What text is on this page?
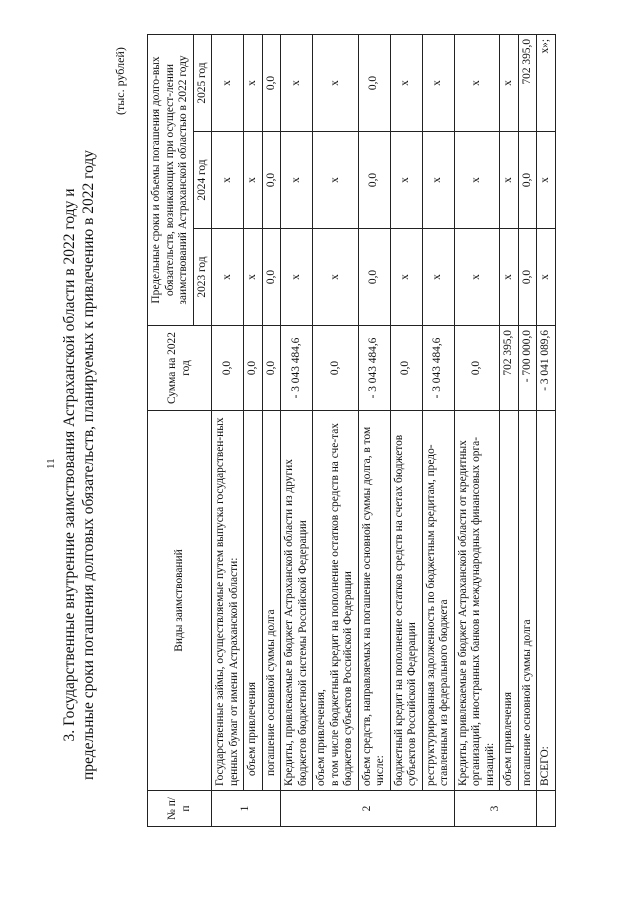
11 3. Государственные внутренние заимствования Астраханской области в 2022 году и предельные сроки погашения долговых обязательств, планируемых к привлечению в 2022 году
(тыс. рублей)
№ п/п	Виды заимствований	Сумма на 2022 год	Предельные сроки и объемы погашения долго-вых обязательств, возникающих при осущест-лении заимствований Астраханской областью в 2022 году		

			2023 год	2024 год	2025 год
1	Государственные займы, осуществляемые путем выпуска государствен-ных ценных бумаг от имени Астраханской области:	0,0	x	x	x
	объем привлечения	0,0	x	x	x
	погашение основной суммы долга	0,0	0,0	0,0	0,0
2	Кредиты, привлекаемые в бюджет Астраханской области из других бюджетов бюджетной системы Российской Федерации	- 3 043 484,6	x	x	x

	объем привлечения, в том числе бюджетный кредит на пополнение остатков средств на сче-тах бюджетов субъектов Российской Федерации	0,0	x	x	x
	объем средств, направляемых на погашение основной суммы долга, в том числе:	- 3 043 484,6	0,0	0,0	0,0
	бюджетный кредит на пополнение остатков средств на счетах бюджетов субъектов Российской Федерации	0,0	x	x	x
	реструктурированная задолженность по бюджетным кредитам, предо-ставленным из федерального бюджета	- 3 043 484,6	x	x	x
3	Кредиты, привлекаемые в бюджет Астраханской области от кредитных организаций, иностранных банков и международных финансовых орга-низаций:	0,0	x	x	x
	объем привлечения	702 395,0	x	x	x
	погашение основной суммы долга	- 700 000,0	0,0	0,0	702 395,0
	ВСЕГО:	- 3 041 089,6	x	x	x»;
